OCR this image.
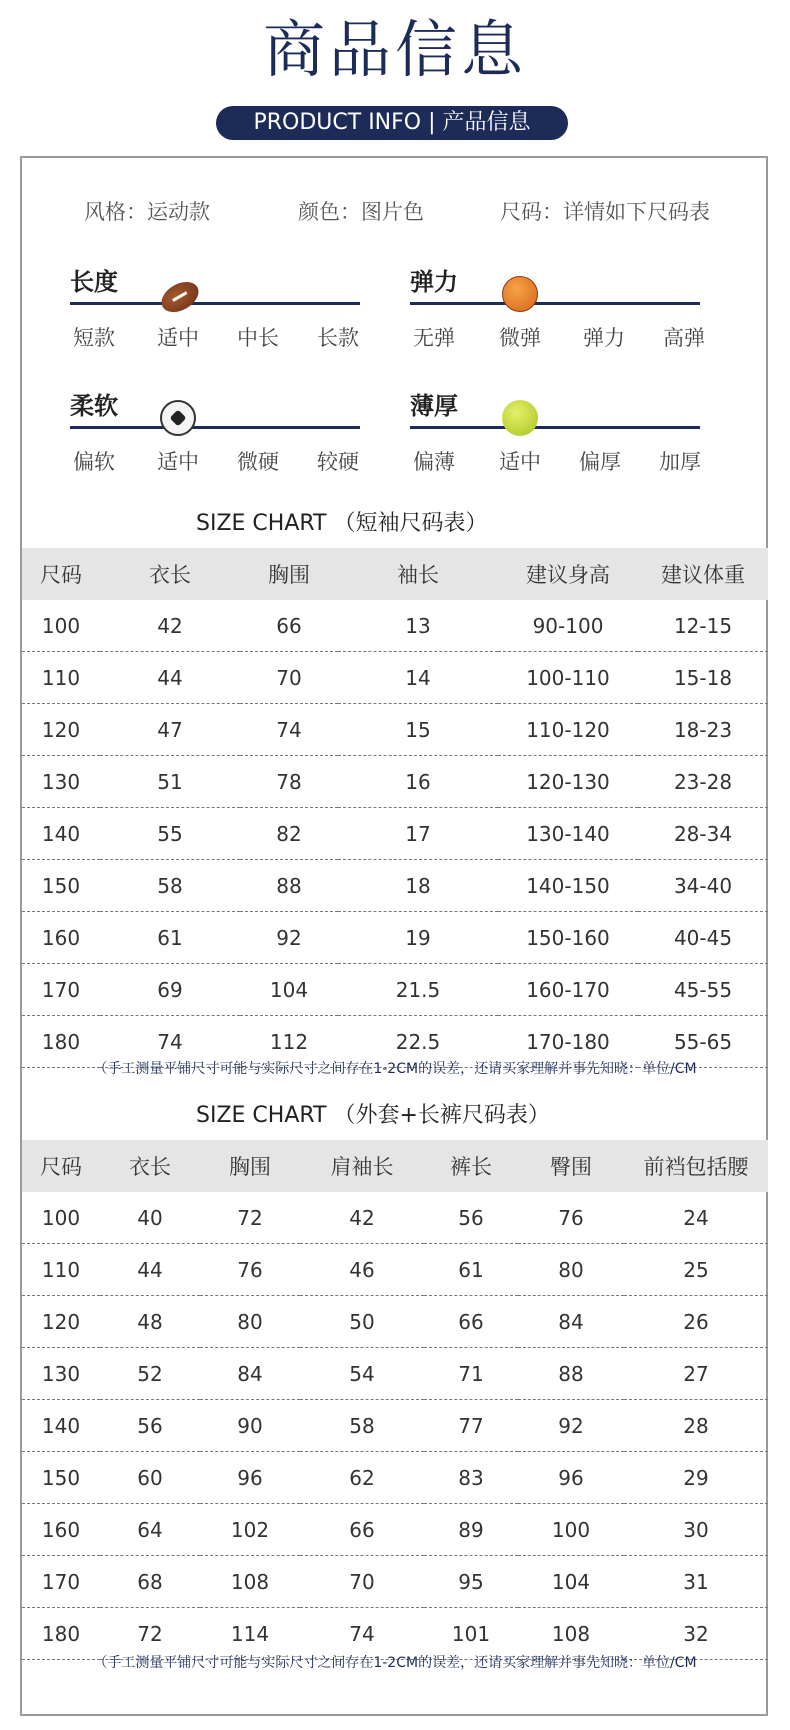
商品信息
PRODUCT INFO | 产品信息
风格：运动款	颜色：图片色	尺码：详情如下尺码表
长度
短款	适中	中长	长款
弹力
无弹	微弹	弹力	高弹
柔软
偏软	适中	微硬	较硬
薄厚
偏薄	适中	偏厚	加厚
SIZE CHART （短袖尺码表）
尺码	衣长	胸围	袖长	建议身高	建议体重
100	42	66	13	90-100	12-15
110	44	70	14	100-110	15-18
120	47	74	15	110-120	18-23
130	51	78	16	120-130	23-28
140	55	82	17	130-140	28-34
150	58	88	18	140-150	34-40
160	61	92	19	150-160	40-45
170	69	104	21.5	160-170	45-55
180	74	112	22.5	170-180	55-65
（手工测量平铺尺寸可能与实际尺寸之间存在1-2CM的误差，还请买家理解并事先知晓：单位/CM
SIZE CHART （外套+长裤尺码表）
尺码	衣长	胸围	肩袖长	裤长	臀围	前裆包括腰
100	40	72	42	56	76	24
110	44	76	46	61	80	25
120	48	80	50	66	84	26
130	52	84	54	71	88	27
140	56	90	58	77	92	28
150	60	96	62	83	96	29
160	64	102	66	89	100	30
170	68	108	70	95	104	31
180	72	114	74	101	108	32
（手工测量平铺尺寸可能与实际尺寸之间存在1-2CM的误差，还请买家理解并事先知晓：单位/CM
